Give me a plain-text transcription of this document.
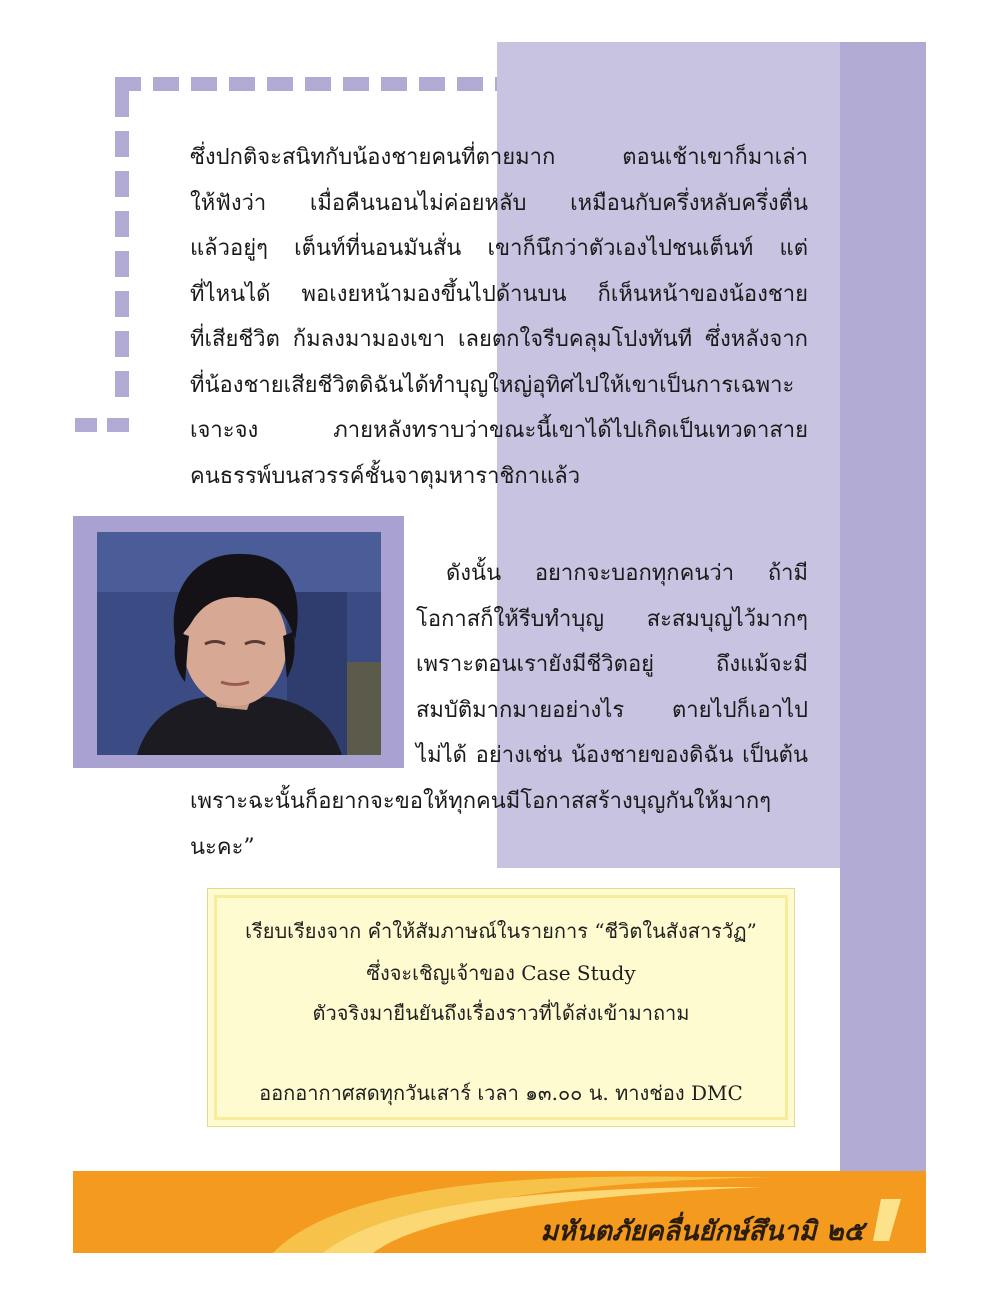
ซึ่งปกติจะสนิทกับน้องชายคนที่ตายมาก ตอนเช้าเขาก็มาเล่า
ให้ฟังว่า เมื่อคืนนอนไม่ค่อยหลับ เหมือนกับครึ่งหลับครึ่งตื่น
แล้วอยู่ๆ เต็นท์ที่นอนมันสั่น เขาก็นึกว่าตัวเองไปชนเต็นท์ แต่
ที่ไหนได้ พอเงยหน้ามองขึ้นไปด้านบน ก็เห็นหน้าของน้องชาย
ที่เสียชีวิต ก้มลงมามองเขา เลยตกใจรีบคลุมโปงทันที ซึ่งหลังจาก
ที่น้องชายเสียชีวิตดิฉันได้ทำบุญใหญ่อุทิศไปให้เขาเป็นการเฉพาะ
เจาะจง ภายหลังทราบว่าขณะนี้เขาได้ไปเกิดเป็นเทวดาสาย
คนธรรพ์บนสวรรค์ชั้นจาตุมหาราชิกาแล้ว
ดังนั้น อยากจะบอกทุกคนว่า ถ้ามี
โอกาสก็ให้รีบทำบุญ สะสมบุญไว้มากๆ
เพราะตอนเรายังมีชีวิตอยู่ ถึงแม้จะมี
สมบัติมากมายอย่างไร ตายไปก็เอาไป
ไม่ได้ อย่างเช่น น้องชายของดิฉัน เป็นต้น
เพราะฉะนั้นก็อยากจะขอให้ทุกคนมีโอกาสสร้างบุญกันให้มากๆ
นะคะ”
เรียบเรียงจาก คำให้สัมภาษณ์ในรายการ “ชีวิตในสังสารวัฏ”
ซึ่งจะเชิญเจ้าของ Case Study
ตัวจริงมายืนยันถึงเรื่องราวที่ได้ส่งเข้ามาถาม
ออกอากาศสดทุกวันเสาร์ เวลา ๑๓.๐๐ น. ทางช่อง DMC
มหันตภัยคลื่นยักษ์สึนามิ ๒๕
